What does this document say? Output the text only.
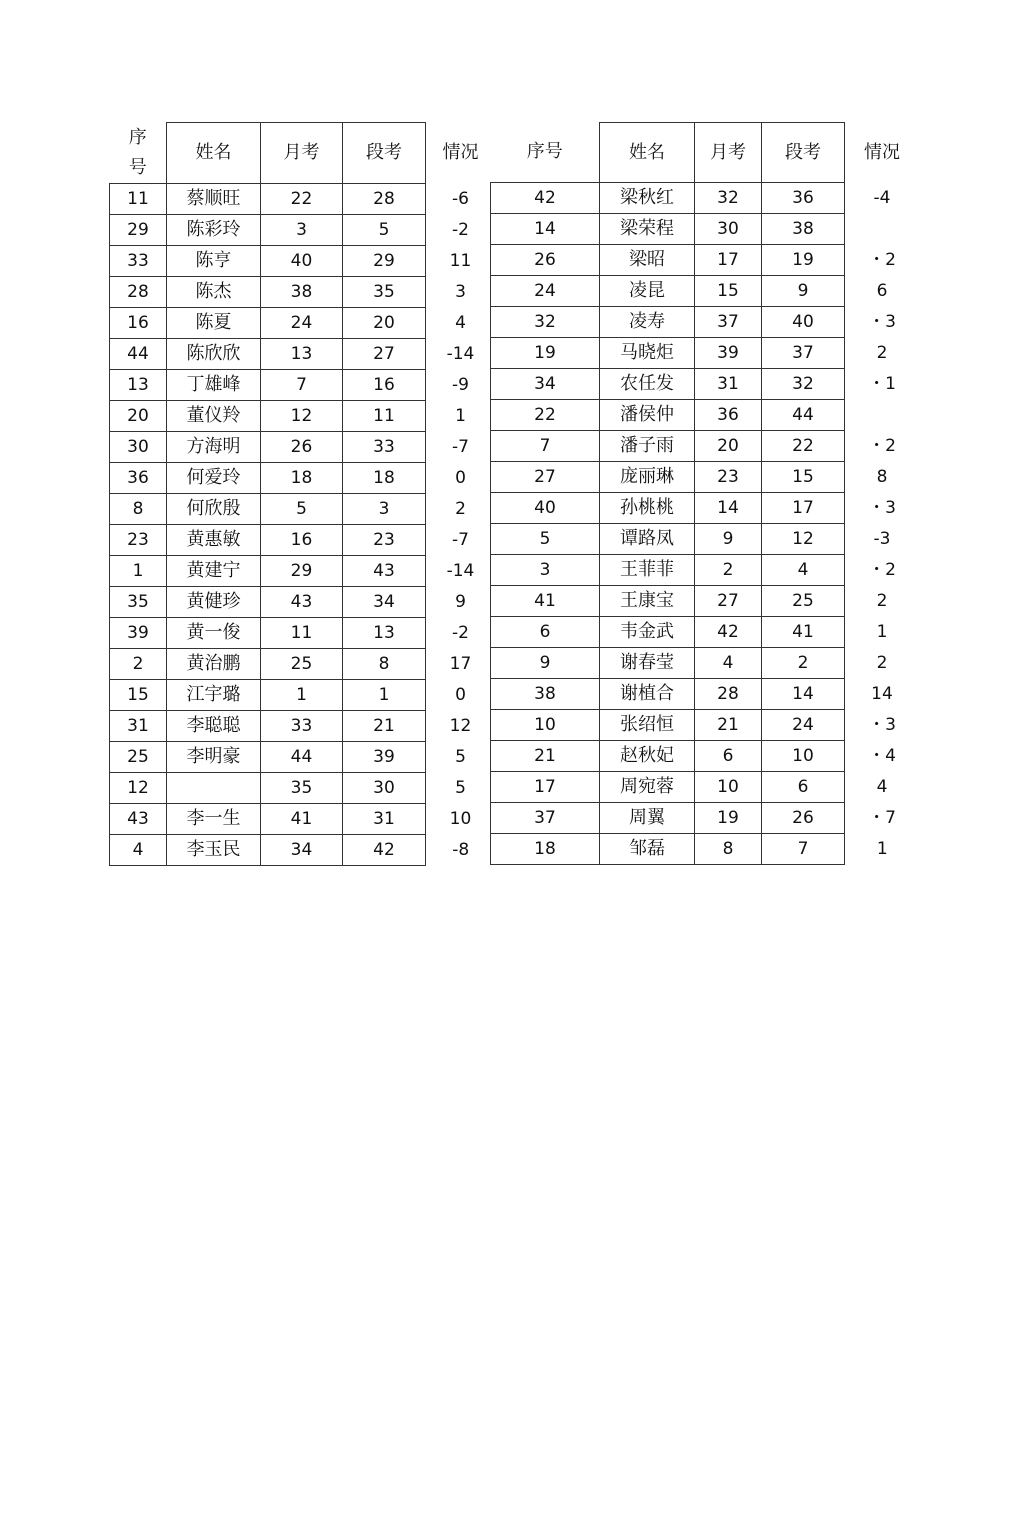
序号	姓名	月考	段考	情况
11	蔡顺旺	22	28	-6
29	陈彩玲	3	5	-2
33	陈亨	40	29	11
28	陈杰	38	35	3
16	陈夏	24	20	4
44	陈欣欣	13	27	-14
13	丁雄峰	7	16	-9
20	董仪羚	12	11	1
30	方海明	26	33	-7
36	何爱玲	18	18	0
8	何欣殷	5	3	2
23	黄惠敏	16	23	-7
1	黄建宁	29	43	-14
35	黄健珍	43	34	9
39	黄一俊	11	13	-2
2	黄治鹏	25	8	17
15	江宇璐	1	1	0
31	李聪聪	33	21	12
25	李明豪	44	39	5
12		35	30	5
43	李一生	41	31	10
4	李玉民	34	42	-8
序号	姓名	月考	段考	情况
42	梁秋红	32	36	-4
14	梁荣程	30	38	
26	梁昭	17	19	・2
24	凌昆	15	9	6
32	凌寿	37	40	・3
19	马晓炬	39	37	2
34	农任发	31	32	・1
22	潘侯仲	36	44	
7	潘子雨	20	22	・2
27	庞丽琳	23	15	8
40	孙桃桃	14	17	・3
5	谭路凤	9	12	-3
3	王菲菲	2	4	・2
41	王康宝	27	25	2
6	韦金武	42	41	1
9	谢春莹	4	2	2
38	谢植合	28	14	14
10	张绍恒	21	24	・3
21	赵秋妃	6	10	・4
17	周宛蓉	10	6	4
37	周翼	19	26	・7
18	邹磊	8	7	1
